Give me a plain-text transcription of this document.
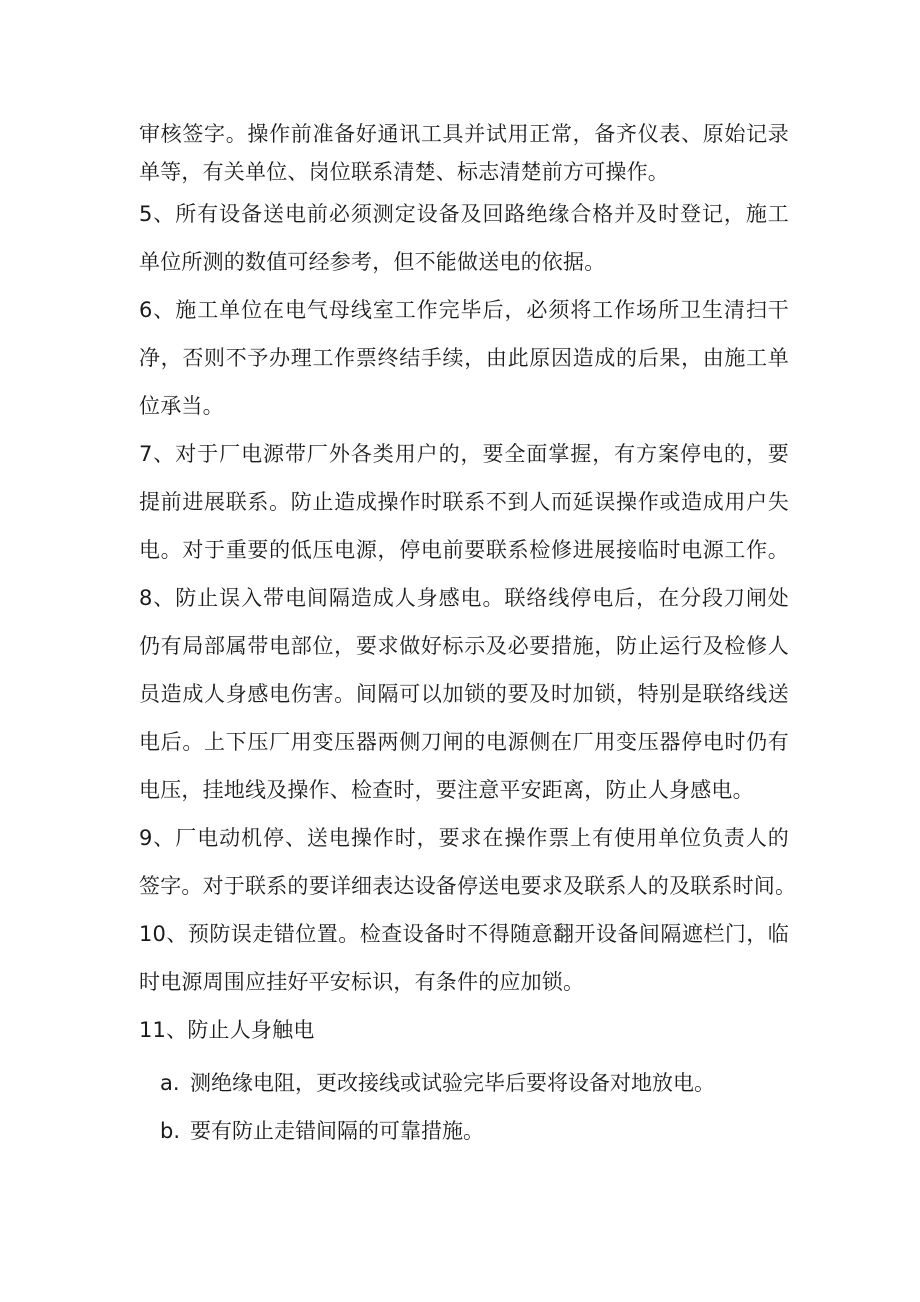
审核签字。操作前准备好通讯工具并试用正常，备齐仪表、原始记录
单等，有关单位、岗位联系清楚、标志清楚前方可操作。
5、所有设备送电前必须测定设备及回路绝缘合格并及时登记，施工
单位所测的数值可经参考，但不能做送电的依据。
6、施工单位在电气母线室工作完毕后，必须将工作场所卫生清扫干
净，否则不予办理工作票终结手续，由此原因造成的后果，由施工单
位承当。
7、对于厂电源带厂外各类用户的，要全面掌握，有方案停电的，要
提前进展联系。防止造成操作时联系不到人而延误操作或造成用户失
电。对于重要的低压电源，停电前要联系检修进展接临时电源工作。
8、防止误入带电间隔造成人身感电。联络线停电后，在分段刀闸处
仍有局部属带电部位，要求做好标示及必要措施，防止运行及检修人
员造成人身感电伤害。间隔可以加锁的要及时加锁，特别是联络线送
电后。上下压厂用变压器两侧刀闸的电源侧在厂用变压器停电时仍有
电压，挂地线及操作、检查时，要注意平安距离，防止人身感电。
9、厂电动机停、送电操作时，要求在操作票上有使用单位负责人的
签字。对于联系的要详细表达设备停送电要求及联系人的及联系时间。
10、预防误走错位置。检查设备时不得随意翻开设备间隔遮栏门，临
时电源周围应挂好平安标识，有条件的应加锁。
11、防止人身触电
a. 测绝缘电阻，更改接线或试验完毕后要将设备对地放电。
b. 要有防止走错间隔的可靠措施。
